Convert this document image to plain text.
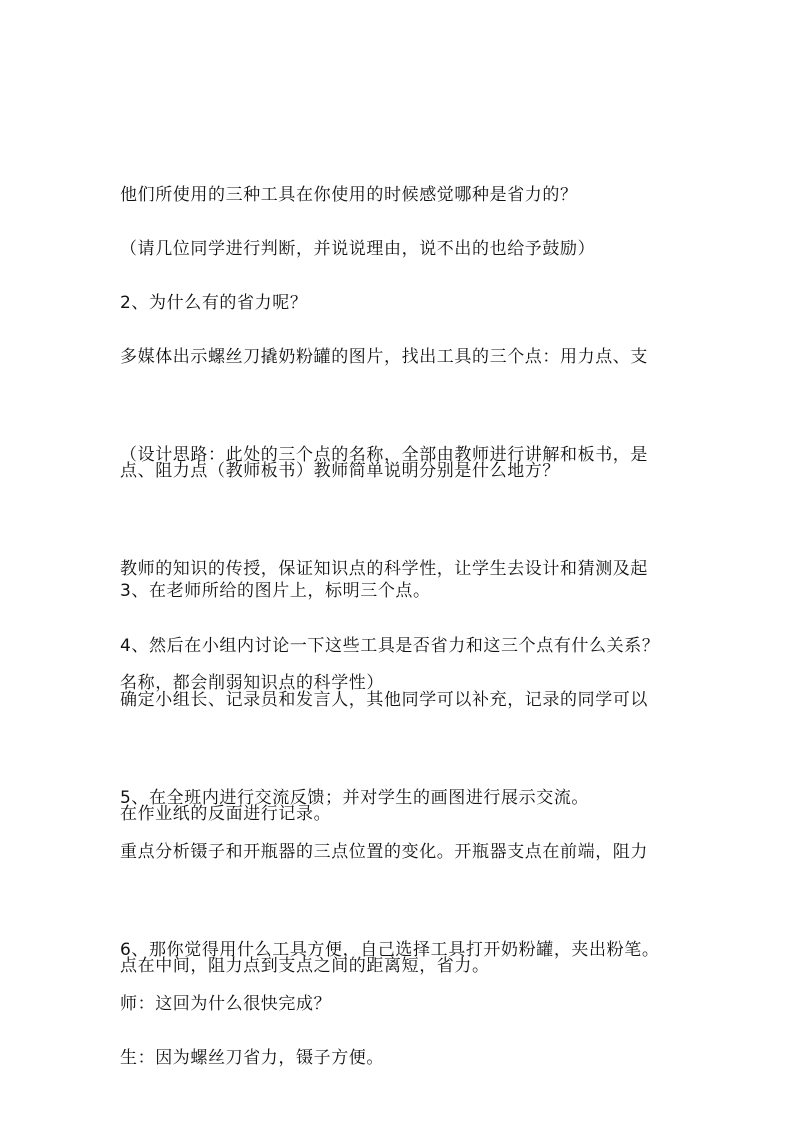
他们所使用的三种工具在你使用的时候感觉哪种是省力的？

（请几位同学进行判断，并说说理由，说不出的也给予鼓励）

2、为什么有的省力呢？

多媒体出示螺丝刀撬奶粉罐的图片，找出工具的三个点：用力点、支

点、阻力点（教师板书）教师简单说明分别是什么地方？

（设计思路：此处的三个点的名称，全部由教师进行讲解和板书，是

教师的知识的传授，保证知识点的科学性，让学生去设计和猜测及起

名称，都会削弱知识点的科学性）

3、在老师所给的图片上，标明三个点。

4、然后在小组内讨论一下这些工具是否省力和这三个点有什么关系？

确定小组长、记录员和发言人，其他同学可以补充，记录的同学可以

在作业纸的反面进行记录。

5、在全班内进行交流反馈；并对学生的画图进行展示交流。

重点分析镊子和开瓶器的三点位置的变化。开瓶器支点在前端，阻力

点在中间，阻力点到支点之间的距离短，省力。

6、那你觉得用什么工具方便，自己选择工具打开奶粉罐，夹出粉笔。

师：这回为什么很快完成？

生：因为螺丝刀省力，镊子方便。
